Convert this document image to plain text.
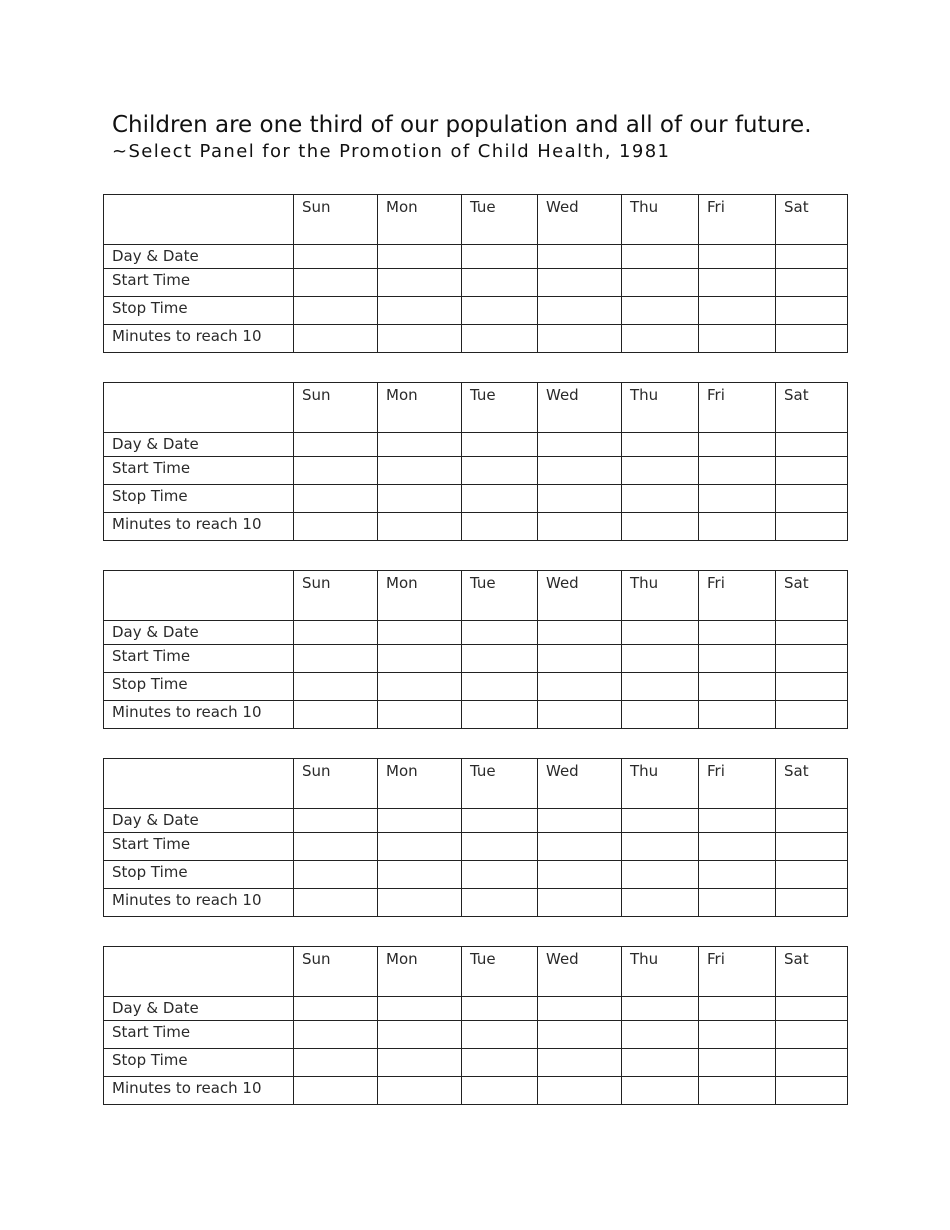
Children are one third of our population and all of our future.

~Select Panel for the Promotion of Child Health, 1981

	Sun	Mon	Tue	Wed	Thu	Fri	Sat
Day & Date							
Start Time							
Stop Time							
Minutes to reach 10							
	Sun	Mon	Tue	Wed	Thu	Fri	Sat
Day & Date							
Start Time							
Stop Time							
Minutes to reach 10							
	Sun	Mon	Tue	Wed	Thu	Fri	Sat
Day & Date							
Start Time							
Stop Time							
Minutes to reach 10							
	Sun	Mon	Tue	Wed	Thu	Fri	Sat
Day & Date							
Start Time							
Stop Time							
Minutes to reach 10							
	Sun	Mon	Tue	Wed	Thu	Fri	Sat
Day & Date							
Start Time							
Stop Time							
Minutes to reach 10							
